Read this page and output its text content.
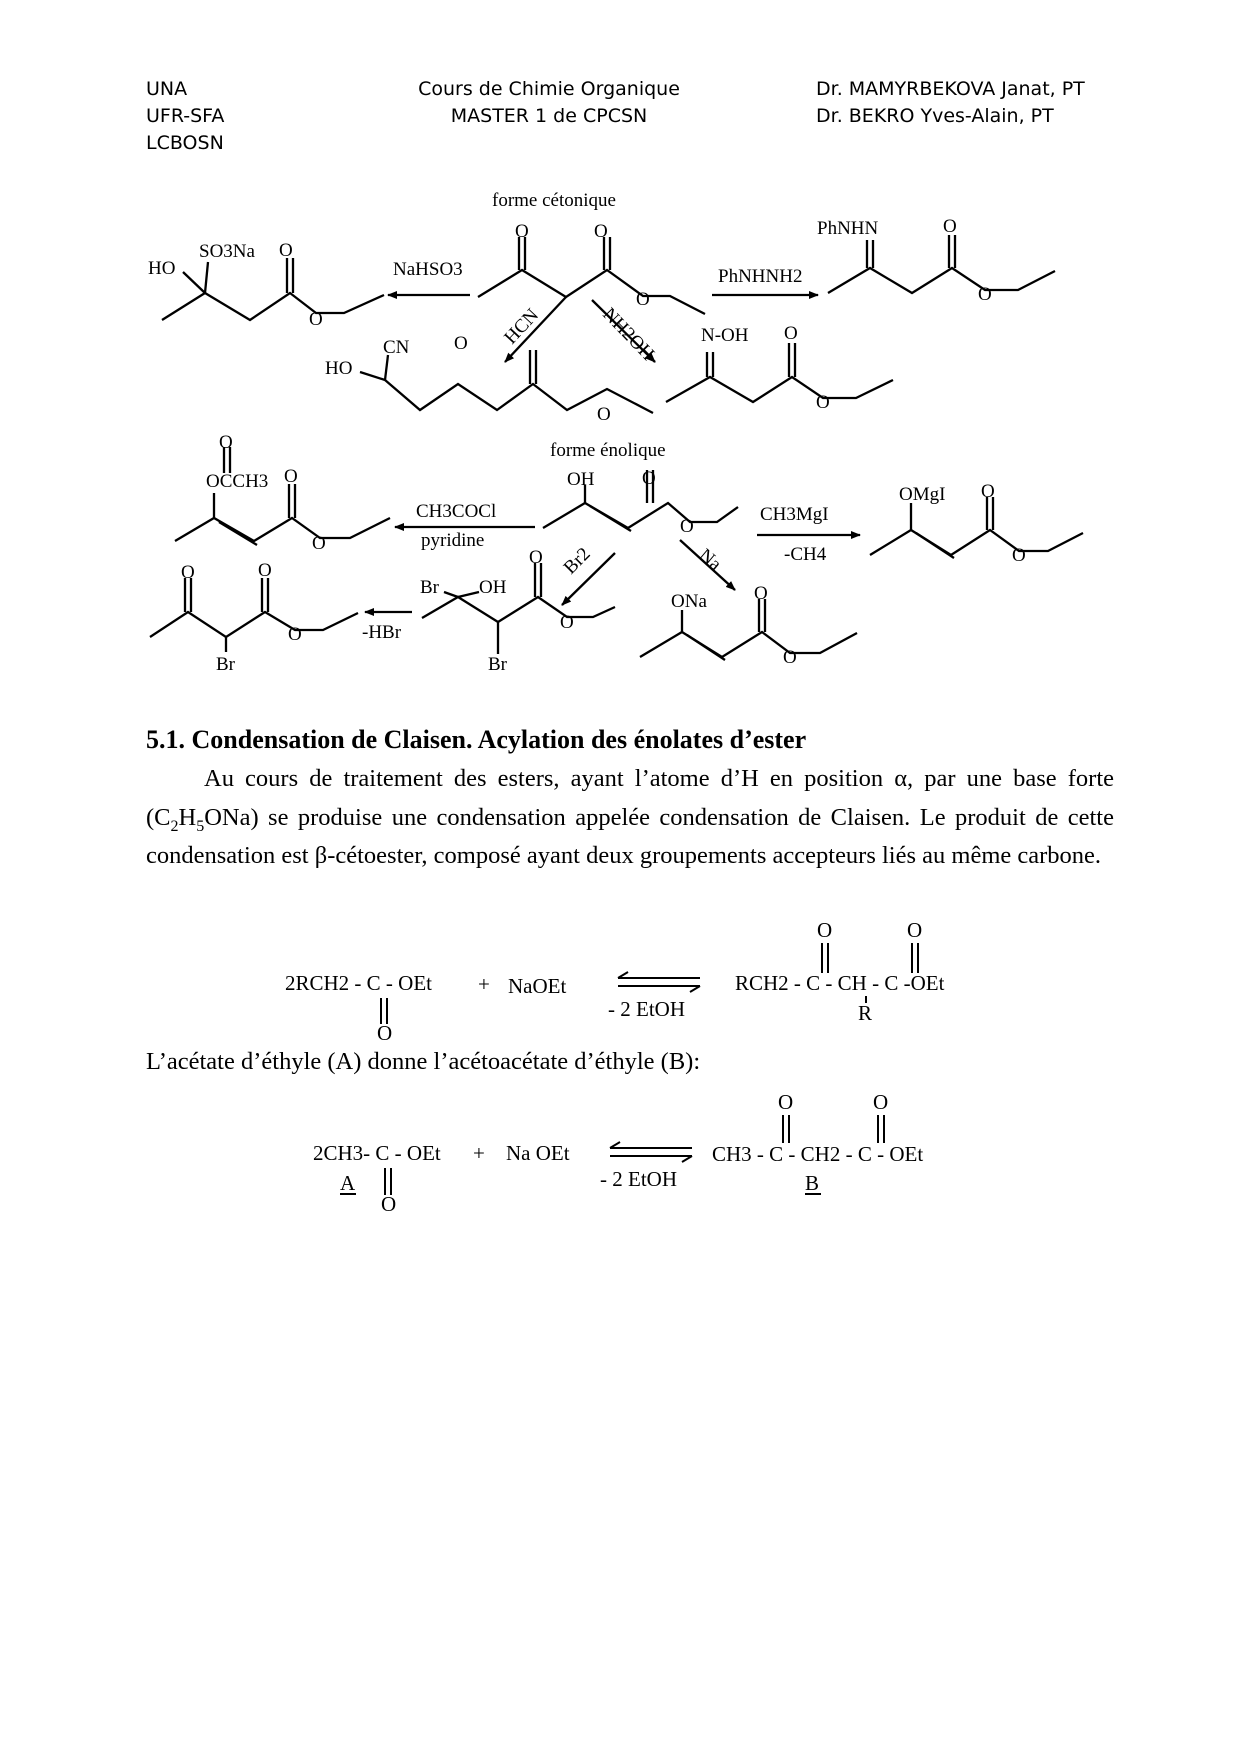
UNA
UFR-SFA
LCBOSN
Cours de Chimie Organique
MASTER 1 de CPCSN
Dr. MAMYRBEKOVA Janat, PT
Dr. BEKRO Yves-Alain, PT
forme cétonique
O	O
O
NaHSO3
HO
SO3Na O
O
PhNHNH2
PhNHN	O
O
HCN	NH2OH
HO
CN O
O
N-OH O
O
forme énolique
OH	O
O
CH3COCl
pyridine
O
OCCH3 O
O
CH3MgI
-CH4
OMgI O
O
Br2	Na
Br OH
O
O
Br
-HBr
O	O
O
Br
ONa O
O
5.1. Condensation de Claisen. Acylation des énolates d’ester

Au cours de traitement des esters, ayant l’atome d’H en position α, par une base forte $(C_2H_5ONa)$ se produise une condensation appelée condensation de Claisen. Le produit de cette condensation est β-cétoester, composé ayant deux groupements accepteurs liés au même carbone.

L’acétate d’éthyle (A) donne l’acétoacétate d’éthyle (B):
2RCH2 - C - OEt
O
+ NaOEt
- 2 EtOH
RCH2 - C - CH - C -OEt
O	O
R
2CH3- C - OEt
O
A
+ Na OEt
- 2 EtOH
CH3 - C - CH2 - C - OEt
O	O
B
